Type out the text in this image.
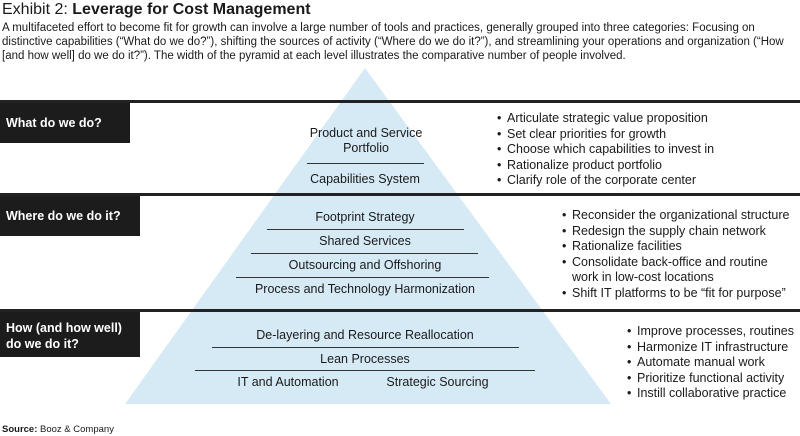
Exhibit 2: Leverage for Cost Management
A multifaceted effort to become fit for growth can involve a large number of tools and practices, generally grouped into three categories: Focusing on distinctive capabilities (“What do we do?”), shifting the sources of activity (“Where do we do it?”), and streamlining your operations and organization (“How [and how well] do we do it?”). The width of the pyramid at each level illustrates the comparative number of people involved.
What do we do?
Where do we do it?
How (and how well) do we do it?
Product and Service Portfolio
Capabilities System
Footprint Strategy
Shared Services
Outsourcing and Offshoring
Process and Technology Harmonization
De-layering and Resource Reallocation
Lean Processes
IT and Automation	Strategic Sourcing
• Articulate strategic value proposition
• Set clear priorities for growth
• Choose which capabilities to invest in
• Rationalize product portfolio
• Clarify role of the corporate center
• Reconsider the organizational structure
• Redesign the supply chain network
• Rationalize facilities
• Consolidate back-office and routine work in low-cost locations
• Shift IT platforms to be “fit for purpose”
• Improve processes, routines
• Harmonize IT infrastructure
• Automate manual work
• Prioritize functional activity
• Instill collaborative practice
Source: Booz & Company
